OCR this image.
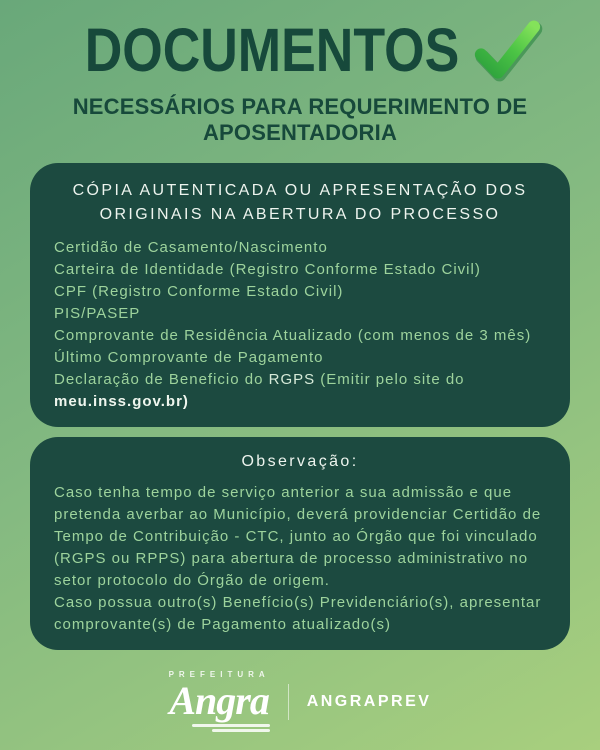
DOCUMENTOS
NECESSÁRIOS PARA REQUERIMENTO DE APOSENTADORIA
CÓPIA AUTENTICADA OU APRESENTAÇÃO DOS ORIGINAIS NA ABERTURA DO PROCESSO
Certidão de Casamento/Nascimento
Carteira de Identidade (Registro Conforme Estado Civil)
CPF (Registro Conforme Estado Civil)
PIS/PASEP
Comprovante de Residência Atualizado (com menos de 3 mês)
Último Comprovante de Pagamento
Declaração de Beneficio do RGPS (Emitir pelo site do meu.inss.gov.br)
Observação:
Caso tenha tempo de serviço anterior a sua admissão e que pretenda averbar ao Município, deverá providenciar Certidão de Tempo de Contribuição - CTC, junto ao Órgão que foi vinculado (RGPS ou RPPS) para abertura de processo administrativo no setor protocolo do Órgão de origem.
Caso possua outro(s) Benefício(s) Previdenciário(s), apresentar comprovante(s) de Pagamento atualizado(s)
PREFEITURA
Angra ANGRAPREV
